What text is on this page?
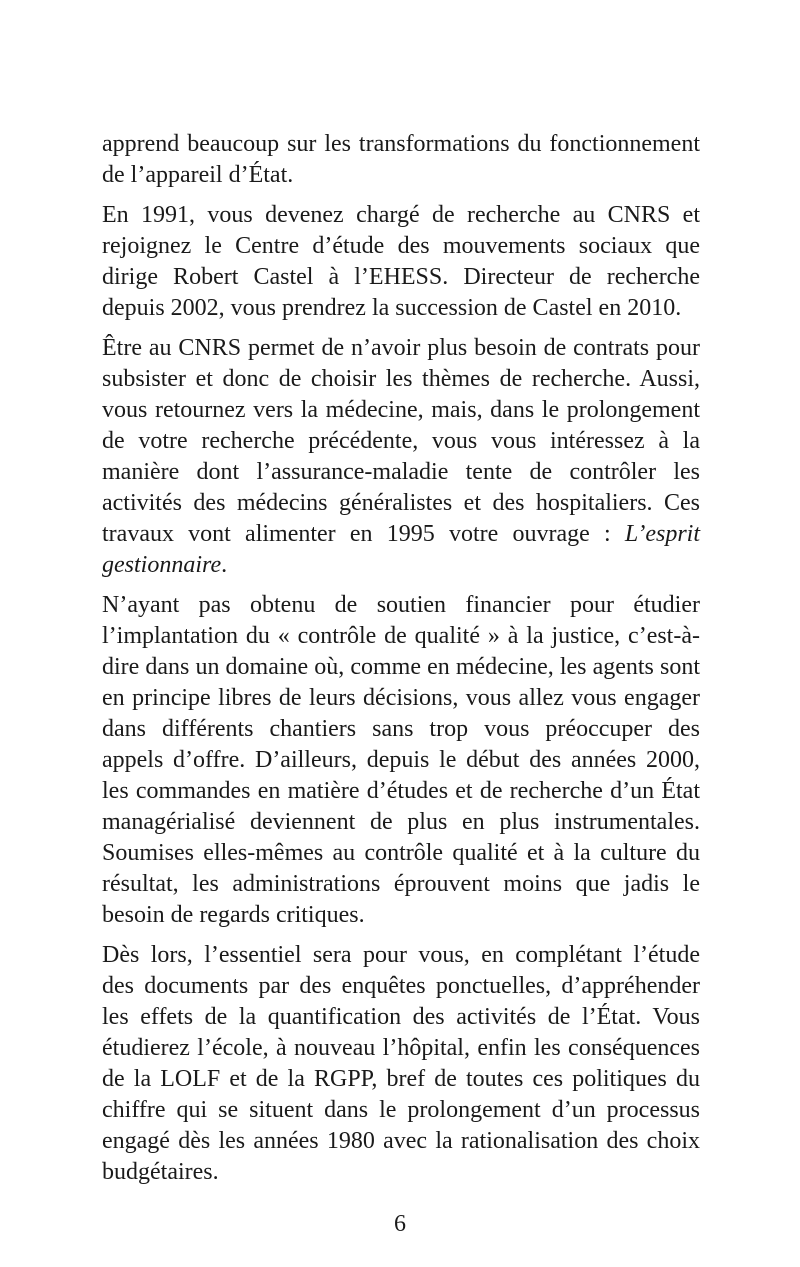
apprend beaucoup sur les transformations du fonctionnement
de l’appareil d’État.
En 1991, vous devenez chargé de recherche au CNRS et
rejoignez le Centre d’étude des mouvements sociaux que
dirige Robert Castel à l’EHESS. Directeur de recherche
depuis 2002, vous prendrez la succession de Castel en 2010.
Être au CNRS permet de n’avoir plus besoin de contrats pour
subsister et donc de choisir les thèmes de recherche. Aussi,
vous retournez vers la médecine, mais, dans le prolongement
de votre recherche précédente, vous vous intéressez à la
manière dont l’assurance-maladie tente de contrôler les
activités des médecins généralistes et des hospitaliers. Ces
travaux vont alimenter en 1995 votre ouvrage : L’esprit
gestionnaire.
N’ayant pas obtenu de soutien financier pour étudier
l’implantation du « contrôle de qualité » à la justice, c’est-à-
dire dans un domaine où, comme en médecine, les agents sont
en principe libres de leurs décisions, vous allez vous engager
dans différents chantiers sans trop vous préoccuper des
appels d’offre. D’ailleurs, depuis le début des années 2000,
les commandes en matière d’études et de recherche d’un État
managérialisé deviennent de plus en plus instrumentales.
Soumises elles-mêmes au contrôle qualité et à la culture du
résultat, les administrations éprouvent moins que jadis le
besoin de regards critiques.
Dès lors, l’essentiel sera pour vous, en complétant l’étude
des documents par des enquêtes ponctuelles, d’appréhender
les effets de la quantification des activités de l’État. Vous
étudierez l’école, à nouveau l’hôpital, enfin les conséquences
de la LOLF et de la RGPP, bref de toutes ces politiques du
chiffre qui se situent dans le prolongement d’un processus
engagé dès les années 1980 avec la rationalisation des choix
budgétaires.
6
